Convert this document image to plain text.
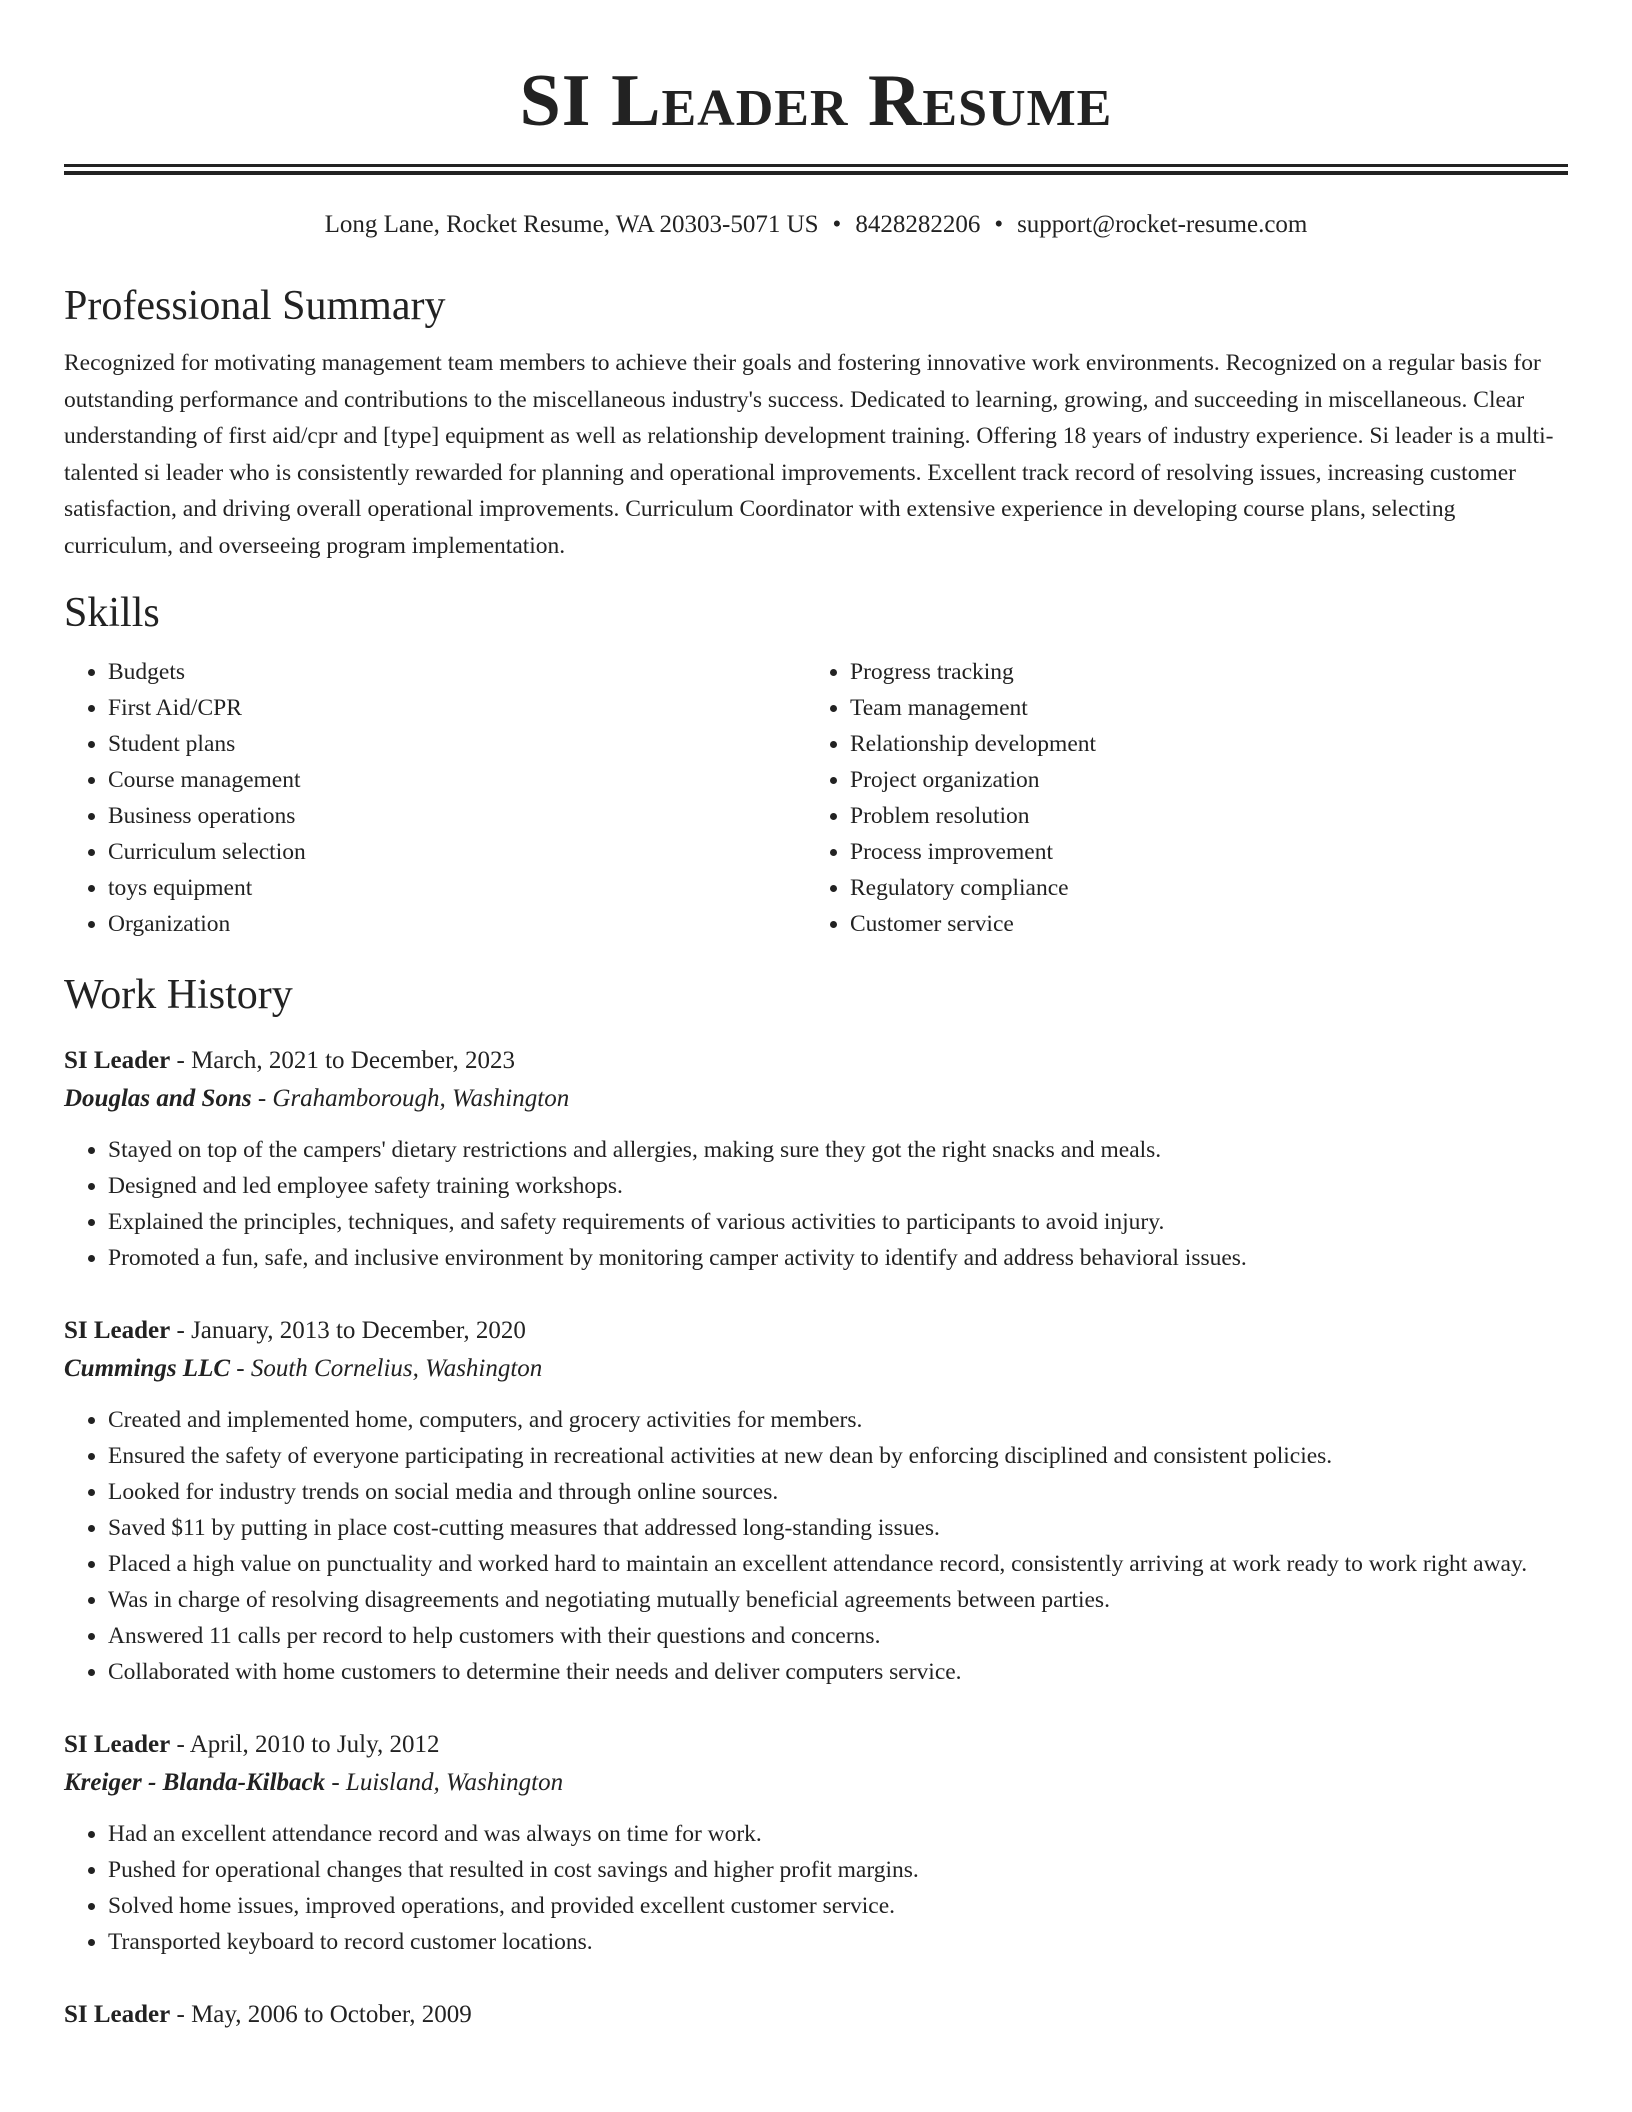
SI Leader Resume
Long Lane, Rocket Resume, WA 20303-5071 US • 8428282206 • support@rocket-resume.com
Professional Summary

Recognized for motivating management team members to achieve their goals and fostering innovative work environments. Recognized on a regular basis for outstanding performance and contributions to the miscellaneous industry's success. Dedicated to learning, growing, and succeeding in miscellaneous. Clear understanding of first aid/cpr and [type] equipment as well as relationship development training. Offering 18 years of industry experience. Si leader is a multi-talented si leader who is consistently rewarded for planning and operational improvements. Excellent track record of resolving issues, increasing customer satisfaction, and driving overall operational improvements. Curriculum Coordinator with extensive experience in developing course plans, selecting curriculum, and overseeing program implementation.

Skills
• Budgets
• First Aid/CPR
• Student plans
• Course management
• Business operations
• Curriculum selection
• toys equipment
• Organization
• Progress tracking
• Team management
• Relationship development
• Project organization
• Problem resolution
• Process improvement
• Regulatory compliance
• Customer service
Work History
SI Leader - March, 2021 to December, 2023
Douglas and Sons - Grahamborough, Washington
• Stayed on top of the campers' dietary restrictions and allergies, making sure they got the right snacks and meals.
• Designed and led employee safety training workshops.
• Explained the principles, techniques, and safety requirements of various activities to participants to avoid injury.
• Promoted a fun, safe, and inclusive environment by monitoring camper activity to identify and address behavioral issues.
SI Leader - January, 2013 to December, 2020
Cummings LLC - South Cornelius, Washington
• Created and implemented home, computers, and grocery activities for members.
• Ensured the safety of everyone participating in recreational activities at new dean by enforcing disciplined and consistent policies.
• Looked for industry trends on social media and through online sources.
• Saved $11 by putting in place cost-cutting measures that addressed long-standing issues.
• Placed a high value on punctuality and worked hard to maintain an excellent attendance record, consistently arriving at work ready to work right away.
• Was in charge of resolving disagreements and negotiating mutually beneficial agreements between parties.
• Answered 11 calls per record to help customers with their questions and concerns.
• Collaborated with home customers to determine their needs and deliver computers service.
SI Leader - April, 2010 to July, 2012
Kreiger - Blanda-Kilback - Luisland, Washington
• Had an excellent attendance record and was always on time for work.
• Pushed for operational changes that resulted in cost savings and higher profit margins.
• Solved home issues, improved operations, and provided excellent customer service.
• Transported keyboard to record customer locations.
SI Leader - May, 2006 to October, 2009
